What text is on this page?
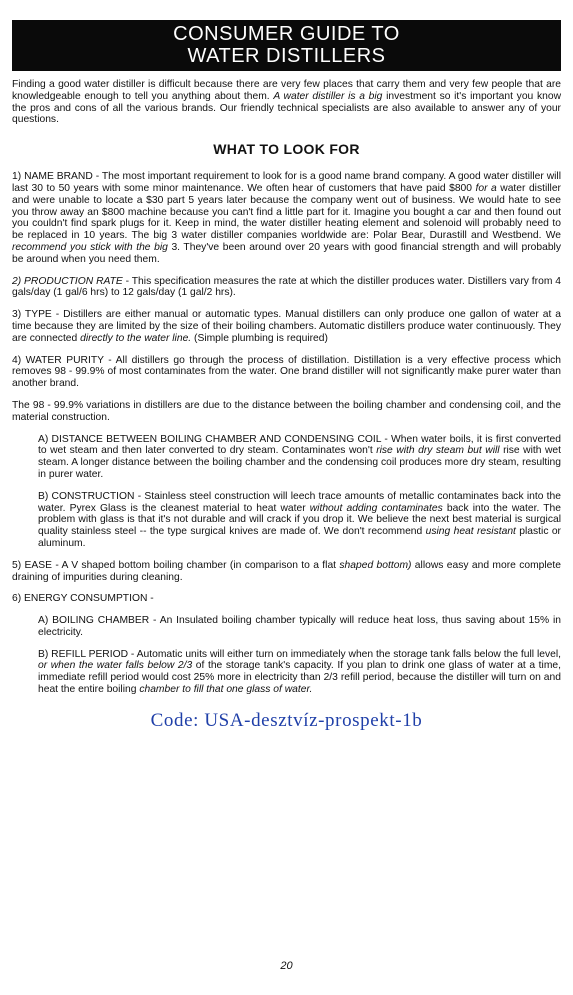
CONSUMER GUIDE TO
WATER DISTILLERS

Finding a good water distiller is difficult because there are very few places that carry them and very few people that are knowledgeable enough to tell you anything about them. A water distiller is a big investment so it's important you know the pros and cons of all the various brands. Our friendly technical specialists are also available to answer any of your questions.

WHAT TO LOOK FOR

1) NAME BRAND - The most important requirement to look for is a good name brand company. A good water distiller will last 30 to 50 years with some minor maintenance. We often hear of customers that have paid $800 for a water distiller and were unable to locate a $30 part 5 years later because the company went out of business. We would hate to see you throw away an $800 machine because you can't find a little part for it. Imagine you bought a car and then found out you couldn't find spark plugs for it. Keep in mind, the water distiller heating element and solenoid will probably need to be replaced in 10 years. The big 3 water distiller companies worldwide are: Polar Bear, Durastill and Westbend. We recommend you stick with the big 3. They've been around over 20 years with good financial strength and will probably be around when you need them.

2) PRODUCTION RATE - This specification measures the rate at which the distiller produces water. Distillers vary from 4 gals/day (1 gal/6 hrs) to 12 gals/day (1 gal/2 hrs).

3) TYPE - Distillers are either manual or automatic types. Manual distillers can only produce one gallon of water at a time because they are limited by the size of their boiling chambers. Automatic distillers produce water continuously. They are connected directly to the water line. (Simple plumbing is required)

4) WATER PURITY - All distillers go through the process of distillation. Distillation is a very effective process which removes 98 - 99.9% of most contaminates from the water. One brand distiller will not significantly make purer water than another brand.

The 98 - 99.9% variations in distillers are due to the distance between the boiling chamber and condensing coil, and the material construction.

A) DISTANCE BETWEEN BOILING CHAMBER AND CONDENSING COIL - When water boils, it is first converted to wet steam and then later converted to dry steam. Contaminates won't rise with dry steam but will rise with wet steam. A longer distance between the boiling chamber and the condensing coil produces more dry steam, resulting in purer water.

B) CONSTRUCTION - Stainless steel construction will leech trace amounts of metallic contaminates back into the water. Pyrex Glass is the cleanest material to heat water without adding contaminates back into the water. The problem with glass is that it's not durable and will crack if you drop it. We believe the next best material is surgical quality stainless steel -- the type surgical knives are made of. We don't recommend using heat resistant plastic or aluminum.

5) EASE - A V shaped bottom boiling chamber (in comparison to a flat shaped bottom) allows easy and more complete draining of impurities during cleaning.

6) ENERGY CONSUMPTION -

A) BOILING CHAMBER - An Insulated boiling chamber typically will reduce heat loss, thus saving about 15% in electricity.

B) REFILL PERIOD - Automatic units will either turn on immediately when the storage tank falls below the full level, or when the water falls below 2/3 of the storage tank's capacity. If you plan to drink one glass of water at a time, immediate refill period would cost 25% more in electricity than 2/3 refill period, because the distiller will turn on and heat the entire boiling chamber to fill that one glass of water.

Code: USA-desztvíz-prospekt-1b
20
